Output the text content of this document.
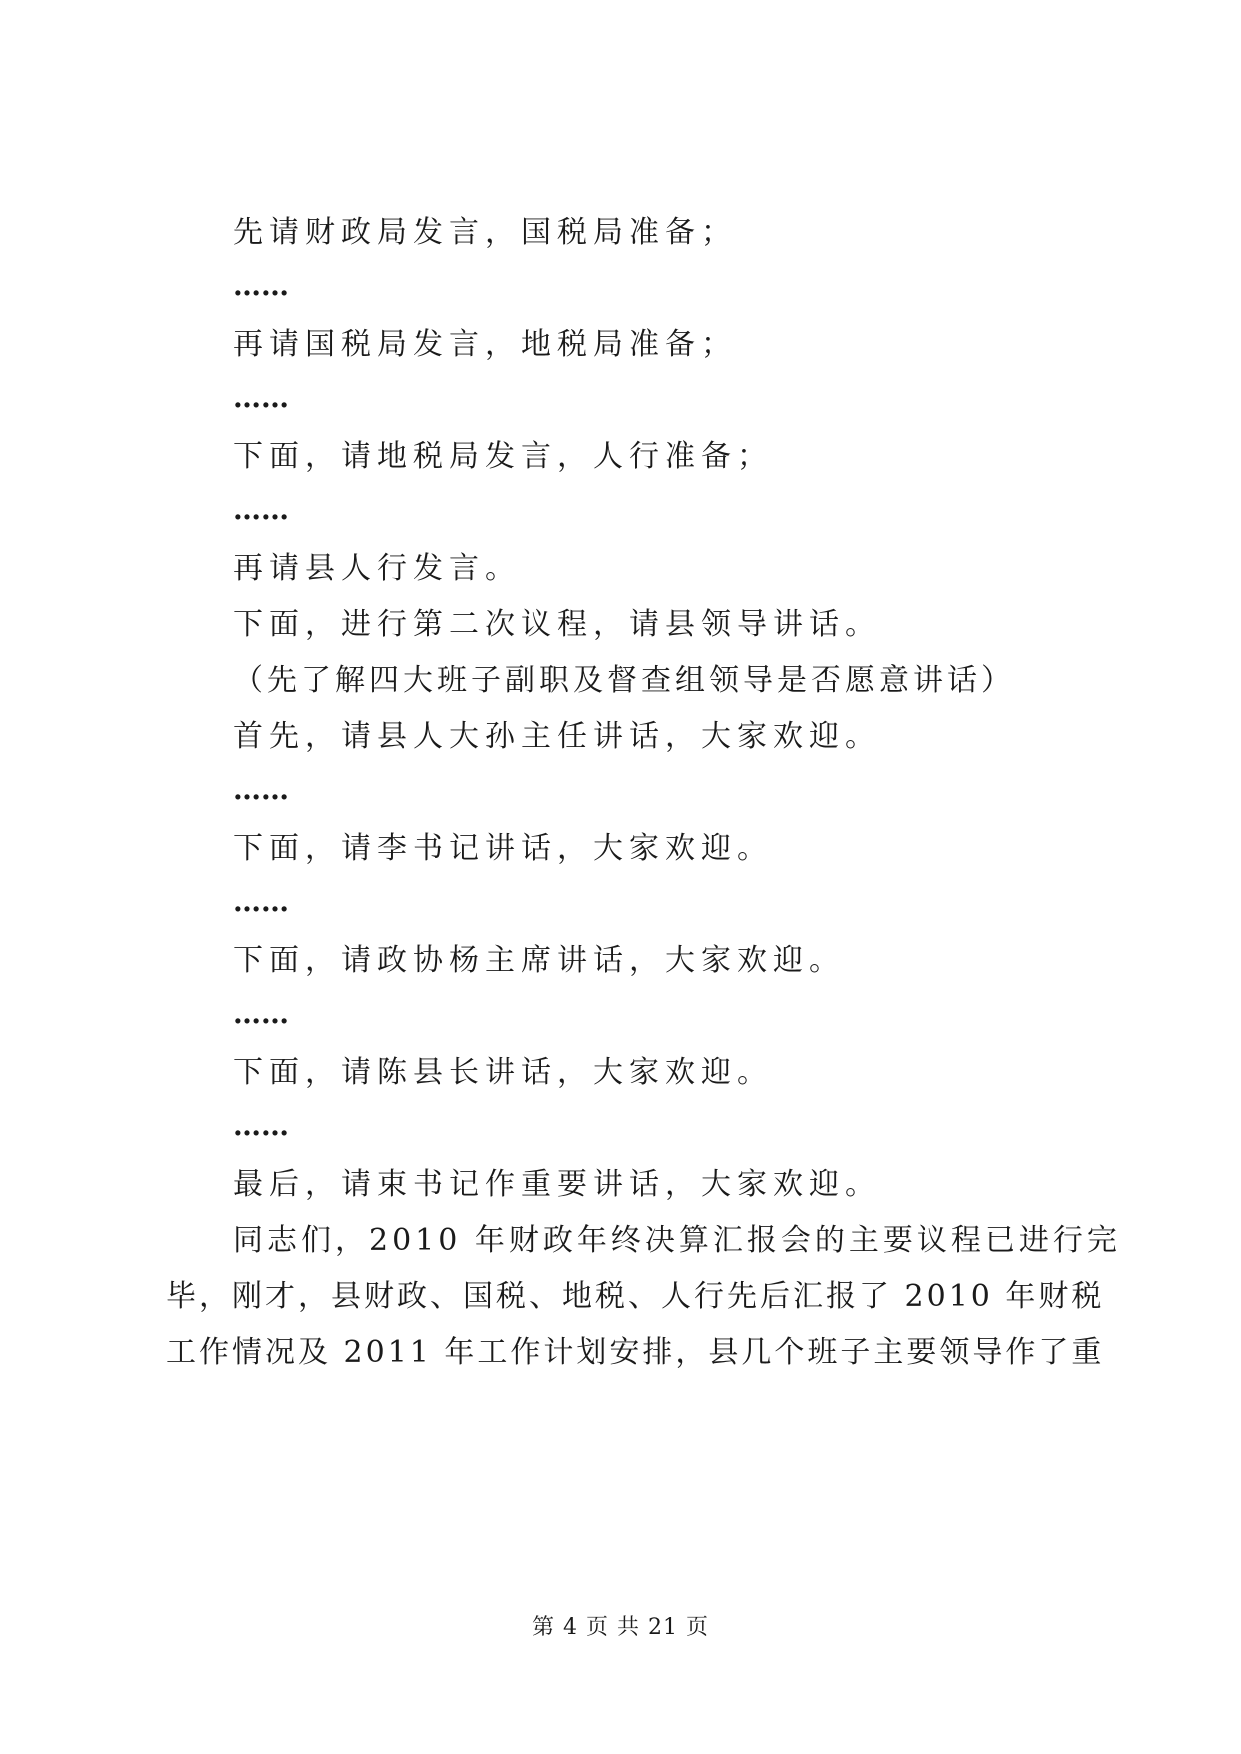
先请财政局发言，国税局准备；
……
再请国税局发言，地税局准备；
……
下面，请地税局发言，人行准备；
……
再请县人行发言。
下面，进行第二次议程，请县领导讲话。
（先了解四大班子副职及督查组领导是否愿意讲话）
首先，请县人大孙主任讲话，大家欢迎。
……
下面，请李书记讲话，大家欢迎。
……
下面，请政协杨主席讲话，大家欢迎。
……
下面，请陈县长讲话，大家欢迎。
……
最后，请束书记作重要讲话，大家欢迎。
同志们，2010 年财政年终决算汇报会的主要议程已进行完
毕，刚才，县财政、国税、地税、人行先后汇报了 2010 年财税
工作情况及 2011 年工作计划安排，县几个班子主要领导作了重
第 4 页 共 21 页
